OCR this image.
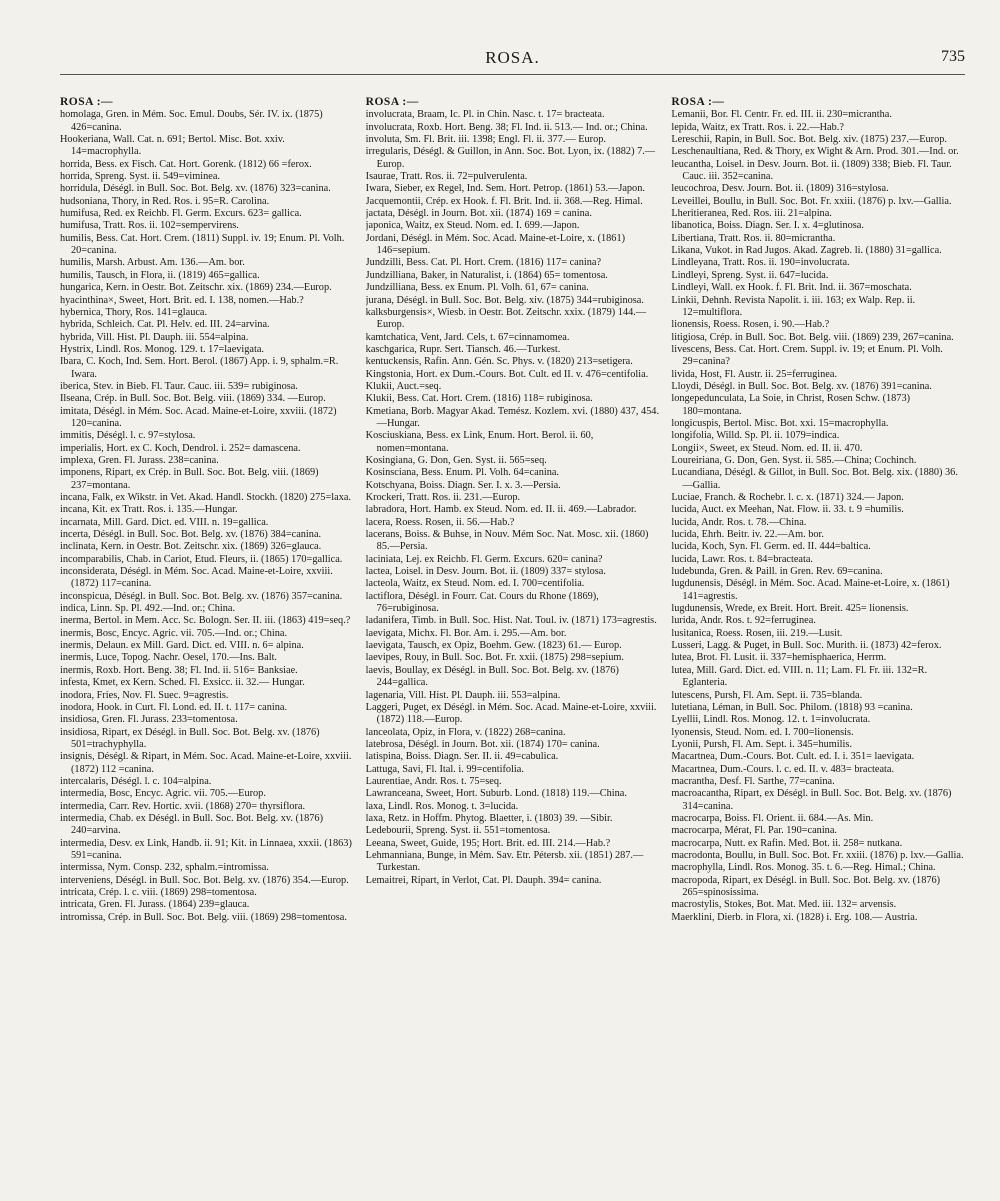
ROSA.	735
ROSA :—

homolaga, Gren. in Mém. Soc. Emul. Doubs, Sér. IV. ix. (1875) 426=canina.

Hookeriana, Wall. Cat. n. 691; Bertol. Misc. Bot. xxiv. 14=macrophylla.

horrida, Bess. ex Fisch. Cat. Hort. Gorenk. (1812) 66 =ferox.

horrida, Spreng. Syst. ii. 549=viminea.

horridula, Déségl. in Bull. Soc. Bot. Belg. xv. (1876) 323=canina.

hudsoniana, Thory, in Red. Ros. i. 95=R. Carolina.

humifusa, Red. ex Reichb. Fl. Germ. Excurs. 623= gallica.

humifusa, Tratt. Ros. ii. 102=sempervirens.

humilis, Bess. Cat. Hort. Crem. (1811) Suppl. iv. 19; Enum. Pl. Volh. 20=canina.

humilis, Marsh. Arbust. Am. 136.—Am. bor.

humilis, Tausch, in Flora, ii. (1819) 465=gallica.

hungarica, Kern. in Oestr. Bot. Zeitschr. xix. (1869) 234.—Europ.

hyacinthina×, Sweet, Hort. Brit. ed. I. 138, nomen.—Hab.?

hybernica, Thory, Ros. 141=glauca.

hybrida, Schleich. Cat. Pl. Helv. ed. III. 24=arvina.

hybrida, Vill. Hist. Pl. Dauph. iii. 554=alpina.

Hystrix, Lindl. Ros. Monog. 129. t. 17=laevigata.

Ibara, C. Koch, Ind. Sem. Hort. Berol. (1867) App. i. 9, sphalm.=R. Iwara.

iberica, Stev. in Bieb. Fl. Taur. Cauc. iii. 539= rubiginosa.

Ilseana, Crép. in Bull. Soc. Bot. Belg. viii. (1869) 334. —Europ.

imitata, Déségl. in Mém. Soc. Acad. Maine-et-Loire, xxviii. (1872) 120=canina.

immitis, Déségl. l. c. 97=stylosa.

imperialis, Hort. ex C. Koch, Dendrol. i. 252= damascena.

implexa, Gren. Fl. Jurass. 238=canina.

imponens, Ripart, ex Crép. in Bull. Soc. Bot. Belg. viii. (1869) 237=montana.

incana, Falk, ex Wikstr. in Vet. Akad. Handl. Stockh. (1820) 275=laxa.

incana, Kit. ex Tratt. Ros. i. 135.—Hungar.

incarnata, Mill. Gard. Dict. ed. VIII. n. 19=gallica.

incerta, Déségl. in Bull. Soc. Bot. Belg. xv. (1876) 384=canina.

inclinata, Kern. in Oestr. Bot. Zeitschr. xix. (1869) 326=glauca.

incomparabilis, Chab. in Cariot, Etud. Fleurs, ii. (1865) 170=gallica.

inconsiderata, Déségl. in Mém. Soc. Acad. Maine-et-Loire, xxviii. (1872) 117=canina.

inconspicua, Déségl. in Bull. Soc. Bot. Belg. xv. (1876) 357=canina.

indica, Linn. Sp. Pl. 492.—Ind. or.; China.

inerma, Bertol. in Mem. Acc. Sc. Bologn. Ser. II. iii. (1863) 419=seq.?

inermis, Bosc, Encyc. Agric. vii. 705.—Ind. or.; China.

inermis, Delaun. ex Mill. Gard. Dict. ed. VIII. n. 6= alpina.

inermis, Luce, Topog. Nachr. Oesel, 170.—Ins. Balt.

inermis, Roxb. Hort. Beng. 38; Fl. Ind. ii. 516= Banksiae.

infesta, Kmet, ex Kern. Sched. Fl. Exsicc. ii. 32.— Hungar.

inodora, Fries, Nov. Fl. Suec. 9=agrestis.

inodora, Hook. in Curt. Fl. Lond. ed. II. t. 117= canina.

insidiosa, Gren. Fl. Jurass. 233=tomentosa.

insidiosa, Ripart, ex Déségl. in Bull. Soc. Bot. Belg. xv. (1876) 501=trachyphylla.

insignis, Déségl. & Ripart, in Mém. Soc. Acad. Maine-et-Loire, xxviii. (1872) 112 =canina.

intercalaris, Déségl. l. c. 104=alpina.

intermedia, Bosc, Encyc. Agric. vii. 705.—Europ.

intermedia, Carr. Rev. Hortic. xvii. (1868) 270= thyrsiflora.

intermedia, Chab. ex Déségl. in Bull. Soc. Bot. Belg. xv. (1876) 240=arvina.

intermedia, Desv. ex Link, Handb. ii. 91; Kit. in Linnaea, xxxii. (1863) 591=canina.

intermissa, Nym. Consp. 232, sphalm.=intromissa.

interveniens, Déségl. in Bull. Soc. Bot. Belg. xv. (1876) 354.—Europ.

intricata, Crép. l. c. viii. (1869) 298=tomentosa.

intricata, Gren. Fl. Jurass. (1864) 239=glauca.

intromissa, Crép. in Bull. Soc. Bot. Belg. viii. (1869) 298=tomentosa.

ROSA :—

involucrata, Braam, Ic. Pl. in Chin. Nasc. t. 17= bracteata.

involucrata, Roxb. Hort. Beng. 38; Fl. Ind. ii. 513.— Ind. or.; China.

involuta, Sm. Fl. Brit. iii. 1398; Engl. Fl. ii. 377.— Europ.

irregularis, Déségl. & Guillon, in Ann. Soc. Bot. Lyon, ix. (1882) 7.—Europ.

Isaurae, Tratt. Ros. ii. 72=pulverulenta.

Iwara, Sieber, ex Regel, Ind. Sem. Hort. Petrop. (1861) 53.—Japon.

Jacquemontii, Crép. ex Hook. f. Fl. Brit. Ind. ii. 368.—Reg. Himal.

jactata, Déségl. in Journ. Bot. xii. (1874) 169 = canina.

japonica, Waitz, ex Steud. Nom. ed. I. 699.—Japon.

Jordani, Déségl. in Mém. Soc. Acad. Maine-et-Loire, x. (1861) 146=sepium.

Jundzilli, Bess. Cat. Pl. Hort. Crem. (1816) 117= canina?

Jundzilliana, Baker, in Naturalist, i. (1864) 65= tomentosa.

Jundzilliana, Bess. ex Enum. Pl. Volh. 61, 67= canina.

jurana, Déségl. in Bull. Soc. Bot. Belg. xiv. (1875) 344=rubiginosa.

kalksburgensis×, Wiesb. in Oestr. Bot. Zeitschr. xxix. (1879) 144.—Europ.

kamtchatica, Vent, Jard. Cels, t. 67=cinnamomea.

kaschgarica, Rupr. Sert. Tiansch. 46.—Turkest.

kentuckensis, Rafin. Ann. Gén. Sc. Phys. v. (1820) 213=setigera.

Kingstonia, Hort. ex Dum.-Cours. Bot. Cult. ed II. v. 476=centifolia.

Klukii, Auct.=seq.

Klukii, Bess. Cat. Hort. Crem. (1816) 118= rubiginosa.

Kmetiana, Borb. Magyar Akad. Temész. Kozlem. xvi. (1880) 437, 454.—Hungar.

Kosciuskiana, Bess. ex Link, Enum. Hort. Berol. ii. 60, nomen=montana.

Kosingiana, G. Don, Gen. Syst. ii. 565=seq.

Kosinsciana, Bess. Enum. Pl. Volh. 64=canina.

Kotschyana, Boiss. Diagn. Ser. I. x. 3.—Persia.

Krockeri, Tratt. Ros. ii. 231.—Europ.

labradora, Hort. Hamb. ex Steud. Nom. ed. II. ii. 469.—Labrador.

lacera, Roess. Rosen, ii. 56.—Hab.?

lacerans, Boiss. & Buhse, in Nouv. Mém Soc. Nat. Mosc. xii. (1860) 85.—Persia.

laciniata, Lej. ex Reichb. Fl. Germ. Excurs. 620= canina?

lactea, Loisel. in Desv. Journ. Bot. ii. (1809) 337= stylosa.

lacteola, Waitz, ex Steud. Nom. ed. I. 700=centifolia.

lactiflora, Déségl. in Fourr. Cat. Cours du Rhone (1869), 76=rubiginosa.

ladanifera, Timb. in Bull. Soc. Hist. Nat. Toul. iv. (1871) 173=agrestis.

laevigata, Michx. Fl. Bor. Am. i. 295.—Am. bor.

laevigata, Tausch, ex Opiz, Boehm. Gew. (1823) 61.— Europ.

laevipes, Rouy, in Bull. Soc. Bot. Fr. xxii. (1875) 298=sepium.

laevis, Boullay, ex Déségl. in Bull. Soc. Bot. Belg. xv. (1876) 244=gallica.

lagenaria, Vill. Hist. Pl. Dauph. iii. 553=alpina.

Laggeri, Puget, ex Déségl. in Mém. Soc. Acad. Maine-et-Loire, xxviii. (1872) 118.—Europ.

lanceolata, Opiz, in Flora, v. (1822) 268=canina.

latebrosa, Déségl. in Journ. Bot. xii. (1874) 170= canina.

latispina, Boiss. Diagn. Ser. II. ii. 49=cabulica.

Lattuga, Savi, Fl. Ital. i. 99=centifolia.

Laurentiae, Andr. Ros. t. 75=seq.

Lawranceana, Sweet, Hort. Suburb. Lond. (1818) 119.—China.

laxa, Lindl. Ros. Monog. t. 3=lucida.

laxa, Retz. in Hoffm. Phytog. Blaetter, i. (1803) 39. —Sibir.

Ledebourii, Spreng. Syst. ii. 551=tomentosa.

Leeana, Sweet, Guide, 195; Hort. Brit. ed. III. 214.—Hab.?

Lehmanniana, Bunge, in Mém. Sav. Etr. Pétersb. xii. (1851) 287.—Turkestan.

Lemaitrei, Ripart, in Verlot, Cat. Pl. Dauph. 394= canina.

ROSA :—

Lemanii, Bor. Fl. Centr. Fr. ed. III. ii. 230=micrantha.

lepida, Waitz, ex Tratt. Ros. i. 22.—Hab.?

Lereschii, Rapin, in Bull. Soc. Bot. Belg. xiv. (1875) 237.—Europ.

Leschenaultiana, Red. & Thory, ex Wight & Arn. Prod. 301.—Ind. or.

leucantha, Loisel. in Desv. Journ. Bot. ii. (1809) 338; Bieb. Fl. Taur. Cauc. iii. 352=canina.

leucochroa, Desv. Journ. Bot. ii. (1809) 316=stylosa.

Leveillei, Boullu, in Bull. Soc. Bot. Fr. xxiii. (1876) p. lxv.—Gallia.

Lheritieranea, Red. Ros. iii. 21=alpina.

libanotica, Boiss. Diagn. Ser. I. x. 4=glutinosa.

Libertiana, Tratt. Ros. ii. 80=micrantha.

Likana, Vukot. in Rad Jugos. Akad. Zagreb. li. (1880) 31=gallica.

Lindleyana, Tratt. Ros. ii. 190=involucrata.

Lindleyi, Spreng. Syst. ii. 647=lucida.

Lindleyi, Wall. ex Hook. f. Fl. Brit. Ind. ii. 367=moschata.

Linkii, Dehnh. Revista Napolit. i. iii. 163; ex Walp. Rep. ii. 12=multiflora.

lionensis, Roess. Rosen, i. 90.—Hab.?

litigiosa, Crép. in Bull. Soc. Bot. Belg. viii. (1869) 239, 267=canina.

livescens, Bess. Cat. Hort. Crem. Suppl. iv. 19; et Enum. Pl. Volh. 29=canina?

livida, Host, Fl. Austr. ii. 25=ferruginea.

Lloydi, Déségl. in Bull. Soc. Bot. Belg. xv. (1876) 391=canina.

longepedunculata, La Soie, in Christ, Rosen Schw. (1873) 180=montana.

longicuspis, Bertol. Misc. Bot. xxi. 15=macrophylla.

longifolia, Willd. Sp. Pl. ii. 1079=indica.

Longii×, Sweet, ex Steud. Nom. ed. II. ii. 470.

Loureiriana, G. Don, Gen. Syst. ii. 585.—China; Cochinch.

Lucandiana, Déségl. & Gillot, in Bull. Soc. Bot. Belg. xix. (1880) 36.—Gallia.

Luciae, Franch. & Rochebr. l. c. x. (1871) 324.— Japon.

lucida, Auct. ex Meehan, Nat. Flow. ii. 33. t. 9 =humilis.

lucida, Andr. Ros. t. 78.—China.

lucida, Ehrh. Beitr. iv. 22.—Am. bor.

lucida, Koch, Syn. Fl. Germ. ed. II. 444=baltica.

lucida, Lawr. Ros. t. 84=bracteata.

ludebunda, Gren. & Paill. in Gren. Rev. 69=canina.

lugdunensis, Déségl. in Mém. Soc. Acad. Maine-et-Loire, x. (1861) 141=agrestis.

lugdunensis, Wrede, ex Breit. Hort. Breit. 425= lionensis.

lurida, Andr. Ros. t. 92=ferruginea.

lusitanica, Roess. Rosen, iii. 219.—Lusit.

Lusseri, Lagg. & Puget, in Bull. Soc. Murith. ii. (1873) 42=ferox.

lutea, Brot. Fl. Lusit. ii. 337=hemisphaerica, Herrm.

lutea, Mill. Gard. Dict. ed. VIII. n. 11; Lam. Fl. Fr. iii. 132=R. Eglanteria.

lutescens, Pursh, Fl. Am. Sept. ii. 735=blanda.

lutetiana, Léman, in Bull. Soc. Philom. (1818) 93 =canina.

Lyellii, Lindl. Ros. Monog. 12. t. 1=involucrata.

lyonensis, Steud. Nom. ed. I. 700=lionensis.

Lyonii, Pursh, Fl. Am. Sept. i. 345=humilis.

Macartnea, Dum.-Cours. Bot. Cult. ed. I. i. 351= laevigata.

Macartnea, Dum.-Cours. l. c. ed. II. v. 483= bracteata.

macrantha, Desf. Fl. Sarthe, 77=canina.

macroacantha, Ripart, ex Déségl. in Bull. Soc. Bot. Belg. xv. (1876) 314=canina.

macrocarpa, Boiss. Fl. Orient. ii. 684.—As. Min.

macrocarpa, Mérat, Fl. Par. 190=canina.

macrocarpa, Nutt. ex Rafin. Med. Bot. ii. 258= nutkana.

macrodonta, Boullu, in Bull. Soc. Bot. Fr. xxiii. (1876) p. lxv.—Gallia.

macrophylla, Lindl. Ros. Monog. 35. t. 6.—Reg. Himal.; China.

macropoda, Ripart, ex Déségl. in Bull. Soc. Bot. Belg. xv. (1876) 265=spinosissima.

macrostylis, Stokes, Bot. Mat. Med. iii. 132= arvensis.

Maerklini, Dierb. in Flora, xi. (1828) i. Erg. 108.— Austria.
